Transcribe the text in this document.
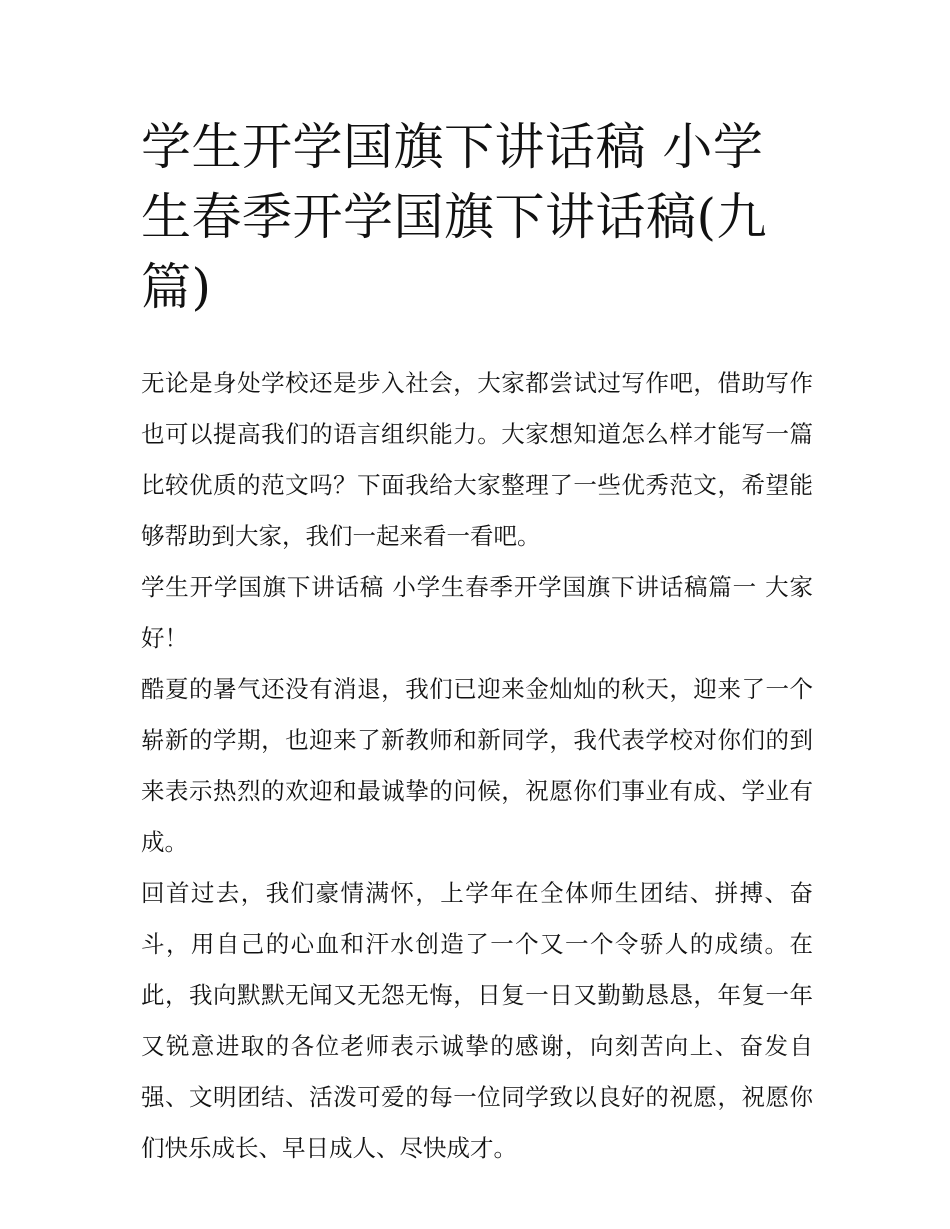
学生开学国旗下讲话稿 小学生春季开学国旗下讲话稿(九篇)

无论是身处学校还是步入社会，大家都尝试过写作吧，借助写作也可以提高我们的语言组织能力。大家想知道怎么样才能写一篇比较优质的范文吗？下面我给大家整理了一些优秀范文，希望能够帮助到大家，我们一起来看一看吧。

学生开学国旗下讲话稿 小学生春季开学国旗下讲话稿篇一 大家好！

酷夏的暑气还没有消退，我们已迎来金灿灿的秋天，迎来了一个崭新的学期，也迎来了新教师和新同学，我代表学校对你们的到来表示热烈的欢迎和最诚挚的问候，祝愿你们事业有成、学业有成。

回首过去，我们豪情满怀，上学年在全体师生团结、拼搏、奋斗，用自己的心血和汗水创造了一个又一个令骄人的成绩。在此，我向默默无闻又无怨无悔，日复一日又勤勤恳恳，年复一年又锐意进取的各位老师表示诚挚的感谢，向刻苦向上、奋发自强、文明团结、活泼可爱的每一位同学致以良好的祝愿，祝愿你们快乐成长、早日成人、尽快成才。
